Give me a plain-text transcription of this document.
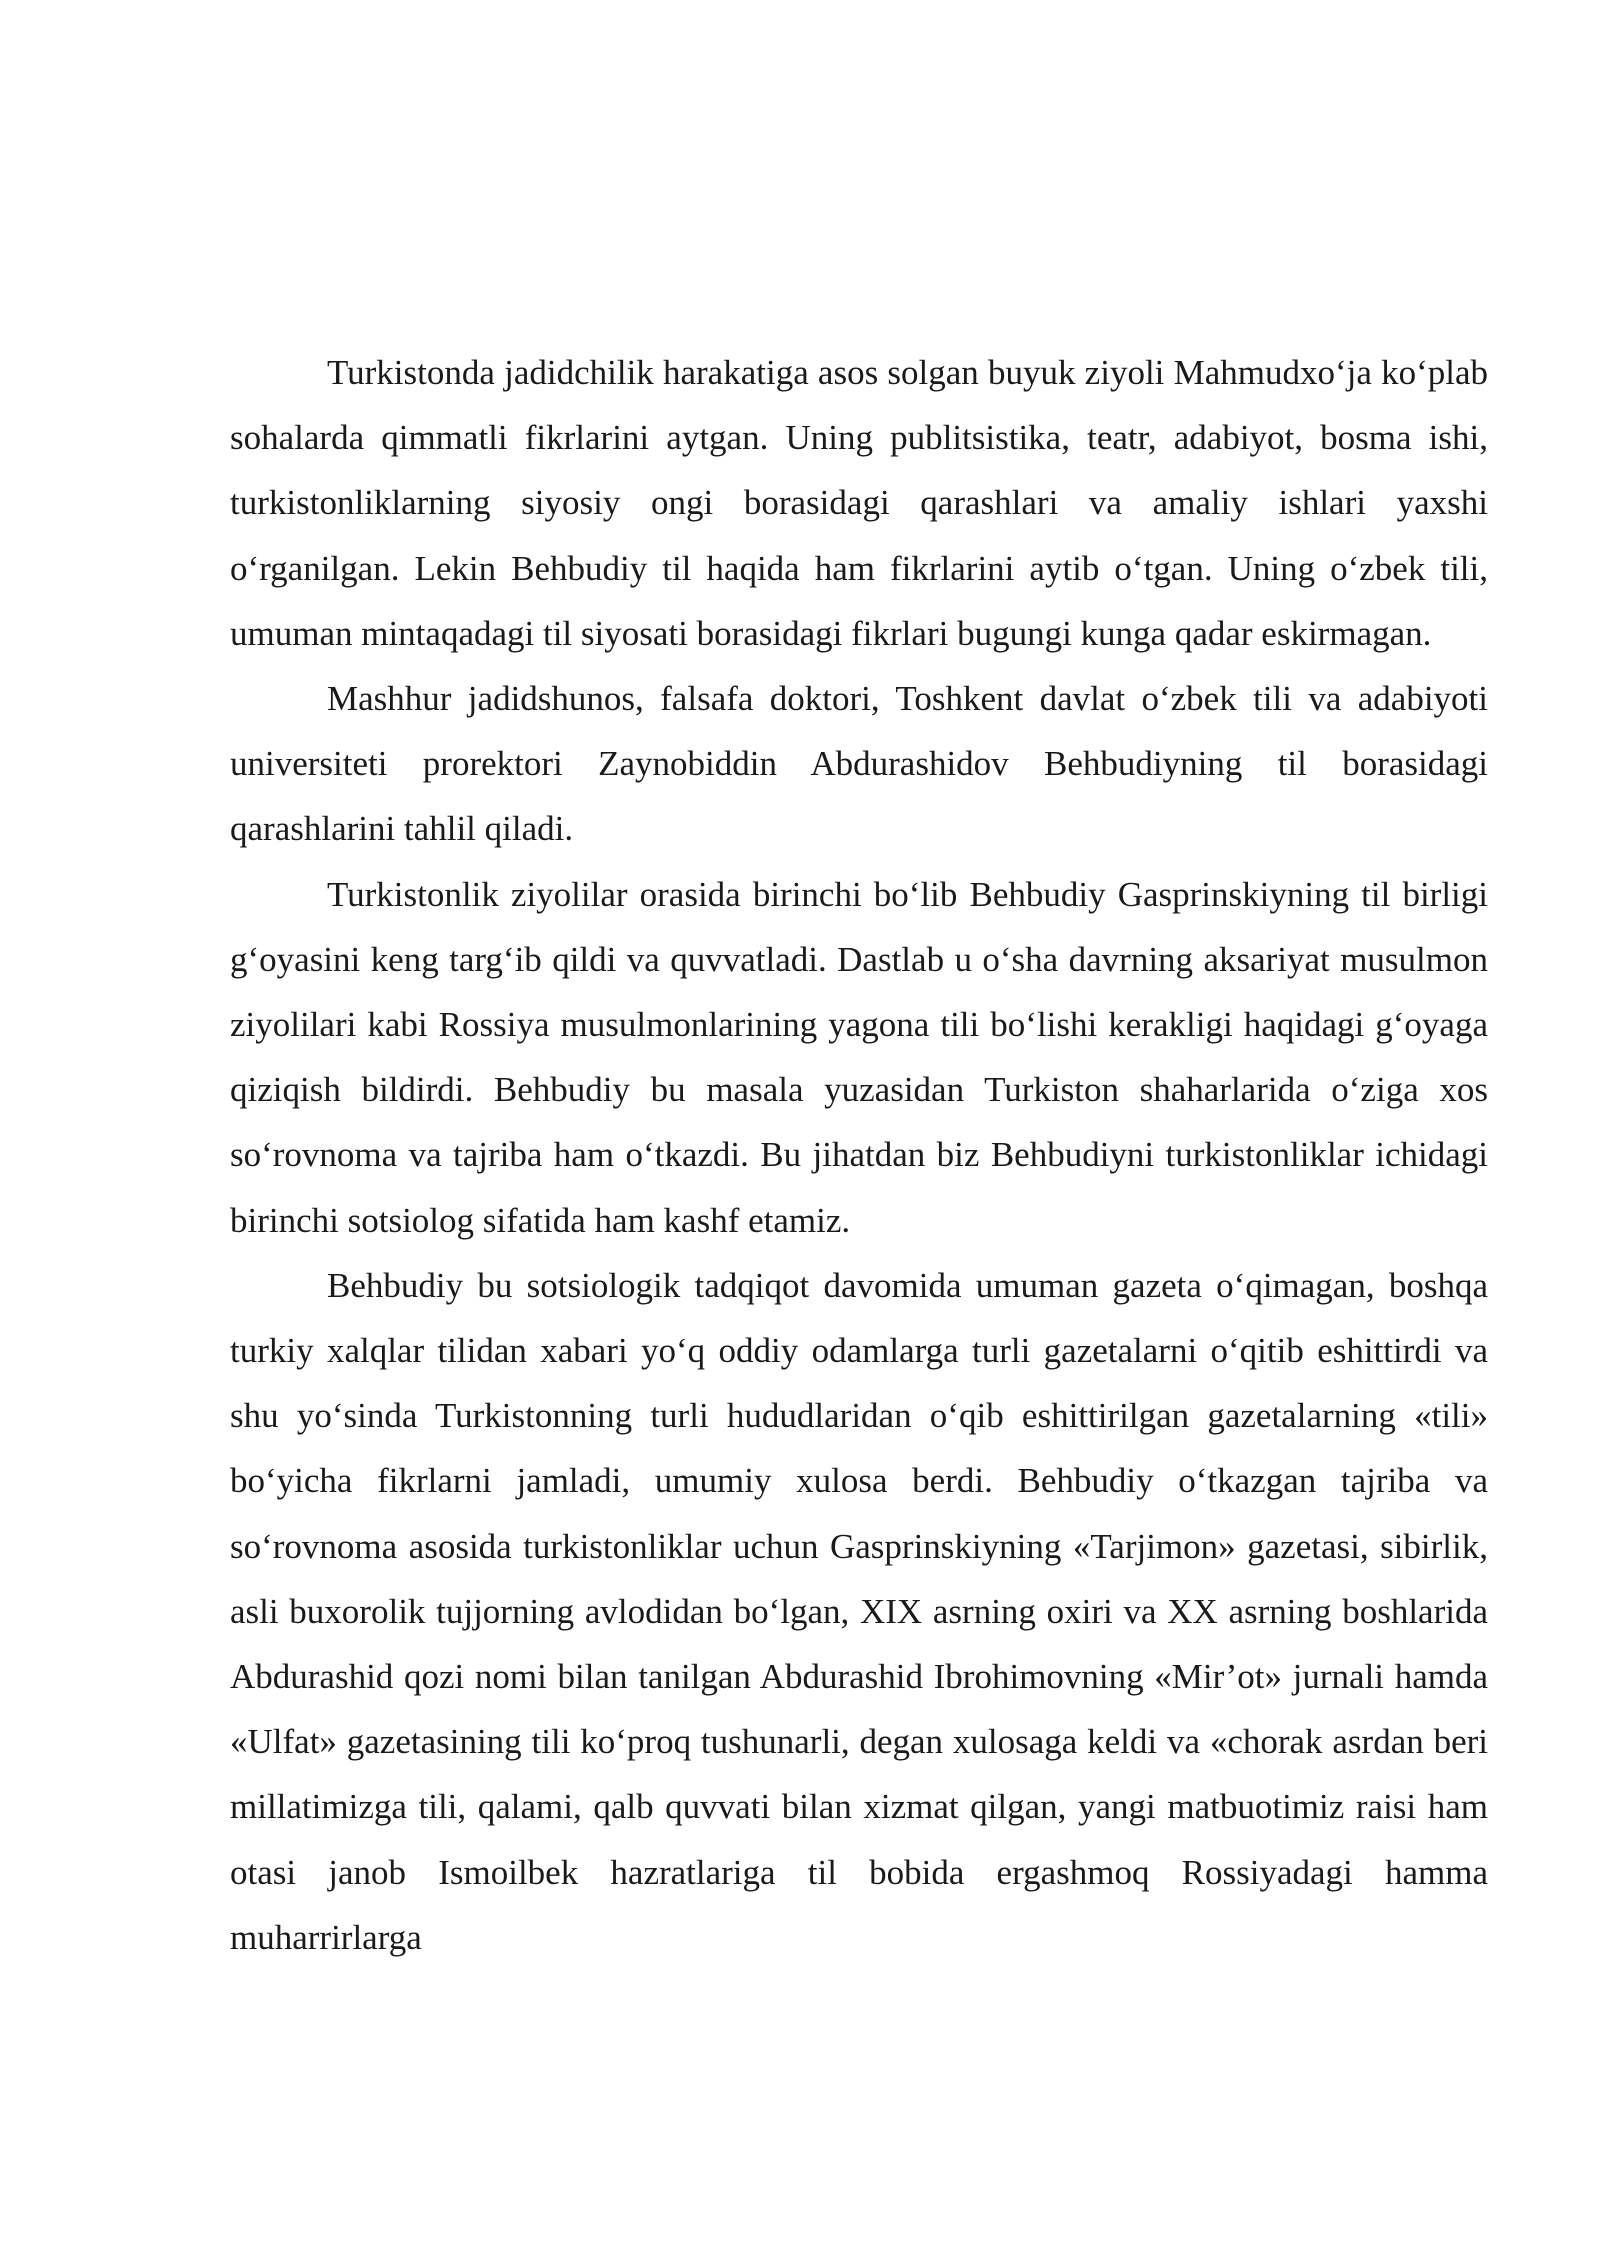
Turkistonda jadidchilik harakatiga asos solgan buyuk ziyoli Mahmudxo‘ja ko‘plab sohalarda qimmatli fikrlarini aytgan. Uning publitsistika, teatr, adabiyot, bosma ishi, turkistonliklarning siyosiy ongi borasidagi qarashlari va amaliy ishlari yaxshi o‘rganilgan. Lekin Behbudiy til haqida ham fikrlarini aytib o‘tgan. Uning o‘zbek tili, umuman mintaqadagi til siyosati borasidagi fikrlari bugungi kunga qadar eskirmagan.

Mashhur jadidshunos, falsafa doktori, Toshkent davlat o‘zbek tili va adabiyoti universiteti prorektori Zaynobiddin Abdurashidov Behbudiyning til borasidagi qarashlarini tahlil qiladi.

Turkistonlik ziyolilar orasida birinchi bo‘lib Behbudiy Gasprinskiyning til birligi g‘oyasini keng targ‘ib qildi va quvvatladi. Dastlab u o‘sha davrning aksariyat musulmon ziyolilari kabi Rossiya musulmonlarining yagona tili bo‘lishi kerakligi haqidagi g‘oyaga qiziqish bildirdi. Behbudiy bu masala yuzasidan Turkiston shaharlarida o‘ziga xos so‘rovnoma va tajriba ham o‘tkazdi. Bu jihatdan biz Behbudiyni turkistonliklar ichidagi birinchi sotsiolog sifatida ham kashf etamiz.

Behbudiy bu sotsiologik tadqiqot davomida umuman gazeta o‘qimagan, boshqa turkiy xalqlar tilidan xabari yo‘q oddiy odamlarga turli gazetalarni o‘qitib eshittirdi va shu yo‘sinda Turkistonning turli hududlaridan o‘qib eshittirilgan gazetalarning «tili» bo‘yicha fikrlarni jamladi, umumiy xulosa berdi. Behbudiy o‘tkazgan tajriba va so‘rovnoma asosida turkistonliklar uchun Gasprinskiyning «Tarjimon» gazetasi, sibirlik, asli buxorolik tujjorning avlodidan bo‘lgan, XIX asrning oxiri va XX asrning boshlarida Abdurashid qozi nomi bilan tanilgan Abdurashid Ibrohimovning «Mir’ot» jurnali hamda «Ulfat» gazetasining tili ko‘proq tushunarli, degan xulosaga keldi va «chorak asrdan beri millatimizga tili, qalami, qalb quvvati bilan xizmat qilgan, yangi matbuotimiz raisi ham otasi janob Ismoilbek hazratlariga til bobida ergashmoq Rossiyadagi hamma muharrirlarga
